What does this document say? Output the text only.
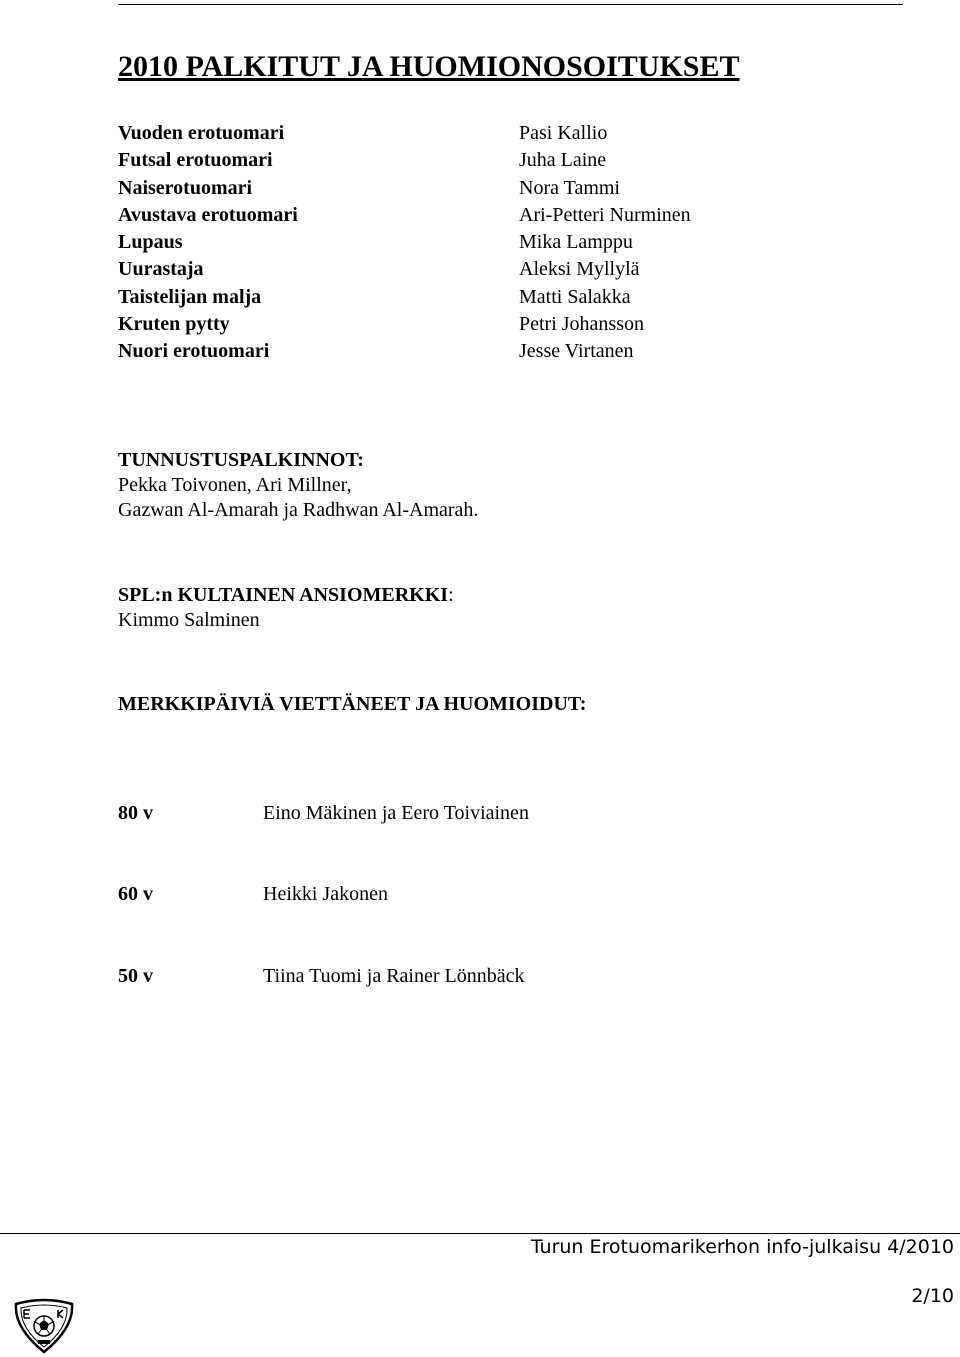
2010 PALKITUT JA HUOMIONOSOITUKSET
Vuoden erotuomari	Pasi Kallio
Futsal erotuomari	Juha Laine
Naiserotuomari	Nora Tammi
Avustava erotuomari	Ari-Petteri Nurminen
Lupaus	Mika Lamppu
Uurastaja	Aleksi Myllylä
Taistelijan malja	Matti Salakka
Kruten pytty	Petri Johansson
Nuori erotuomari	Jesse Virtanen
TUNNUSTUSPALKINNOT:
Pekka Toivonen, Ari Millner,
Gazwan Al-Amarah ja Radhwan Al-Amarah.
SPL:n KULTAINEN ANSIOMERKKI:
Kimmo Salminen
MERKKIPÄIVIÄ VIETTÄNEET JA HUOMIOIDUT:
80 v	Eino Mäkinen ja Eero Toiviainen
60 v	Heikki Jakonen
50 v	Tiina Tuomi ja Rainer Lönnbäck
Turun Erotuomarikerhon info-julkaisu 4/2010
2/10
